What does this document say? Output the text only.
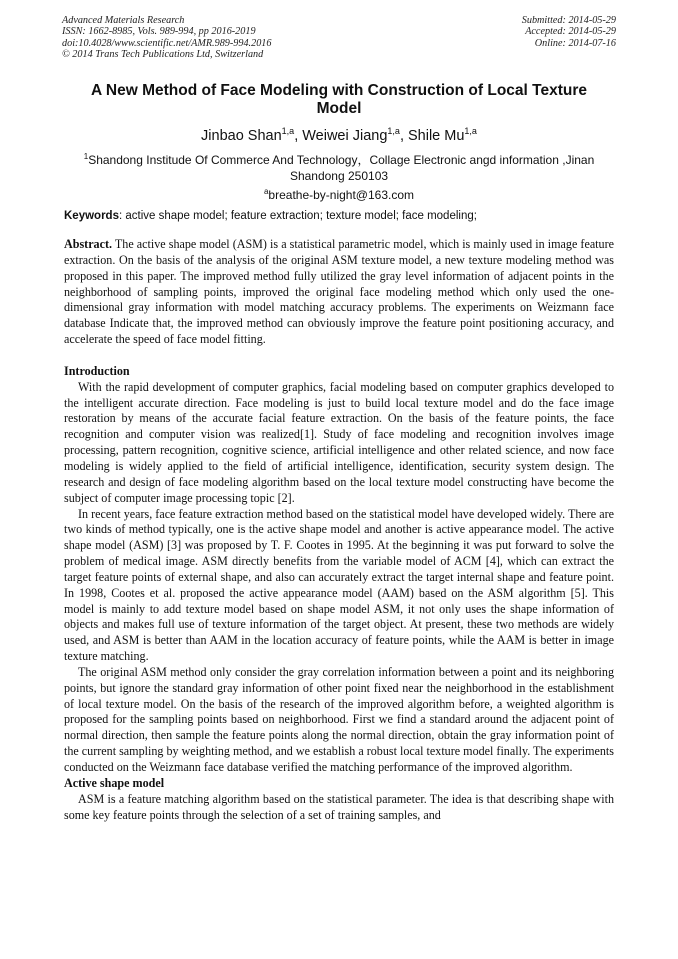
Advanced Materials Research
ISSN: 1662-8985, Vols. 989-994, pp 2016-2019
doi:10.4028/www.scientific.net/AMR.989-994.2016
© 2014 Trans Tech Publications Ltd, Switzerland
Submitted: 2014-05-29
Accepted: 2014-05-29
Online: 2014-07-16
A New Method of Face Modeling with Construction of Local Texture
Model
Jinbao Shan$^{1,a}$, Weiwei Jiang$^{1,a}$, Shile Mu$^{1,a}$
$^1$Shandong Institude Of Commerce And Technology，Collage Electronic angd information ,Jinan
Shandong 250103
$^a$breathe-by-night@163.com
Keywords: active shape model; feature extraction; texture model; face modeling;

Abstract. The active shape model (ASM) is a statistical parametric model, which is mainly used in image feature extraction. On the basis of the analysis of the original ASM texture model, a new texture modeling method was proposed in this paper. The improved method fully utilized the gray level information of adjacent points in the neighborhood of sampling points, improved the original face modeling method which only used the one-dimensional gray information with model matching accuracy problems. The experiments on Weizmann face database Indicate that, the improved method can obviously improve the feature point positioning accuracy, and accelerate the speed of face model fitting.

Introduction

With the rapid development of computer graphics, facial modeling based on computer graphics developed to the intelligent accurate direction. Face modeling is just to build local texture model and do the face image restoration by means of the accurate facial feature extraction. On the basis of the feature points, the face recognition and computer vision was realized[1]. Study of face modeling and recognition involves image processing, pattern recognition, cognitive science, artificial intelligence and other related science, and now face modeling is widely applied to the field of artificial intelligence, identification, security system design. The research and design of face modeling algorithm based on the local texture model constructing have become the subject of computer image processing topic [2].

In recent years, face feature extraction method based on the statistical model have developed widely. There are two kinds of method typically, one is the active shape model and another is active appearance model. The active shape model (ASM) [3] was proposed by T. F. Cootes in 1995. At the beginning it was put forward to solve the problem of medical image. ASM directly benefits from the variable model of ACM [4], which can extract the target feature points of external shape, and also can accurately extract the target internal shape and feature point. In 1998, Cootes et al. proposed the active appearance model (AAM) based on the ASM algorithm [5]. This model is mainly to add texture model based on shape model ASM, it not only uses the shape information of objects and makes full use of texture information of the target object. At present, these two methods are widely used, and ASM is better than AAM in the location accuracy of feature points, while the AAM is better in image texture matching.

The original ASM method only consider the gray correlation information between a point and its neighboring points, but ignore the standard gray information of other point fixed near the neighborhood in the establishment of local texture model. On the basis of the research of the improved algorithm before, a weighted algorithm is proposed for the sampling points based on neighborhood. First we find a standard around the adjacent point of normal direction, then sample the feature points along the normal direction, obtain the gray information point of the current sampling by weighting method, and we establish a robust local texture model finally. The experiments conducted on the Weizmann face database verified the matching performance of the improved algorithm.

Active shape model

ASM is a feature matching algorithm based on the statistical parameter. The idea is that describing shape with some key feature points through the selection of a set of training samples, and
